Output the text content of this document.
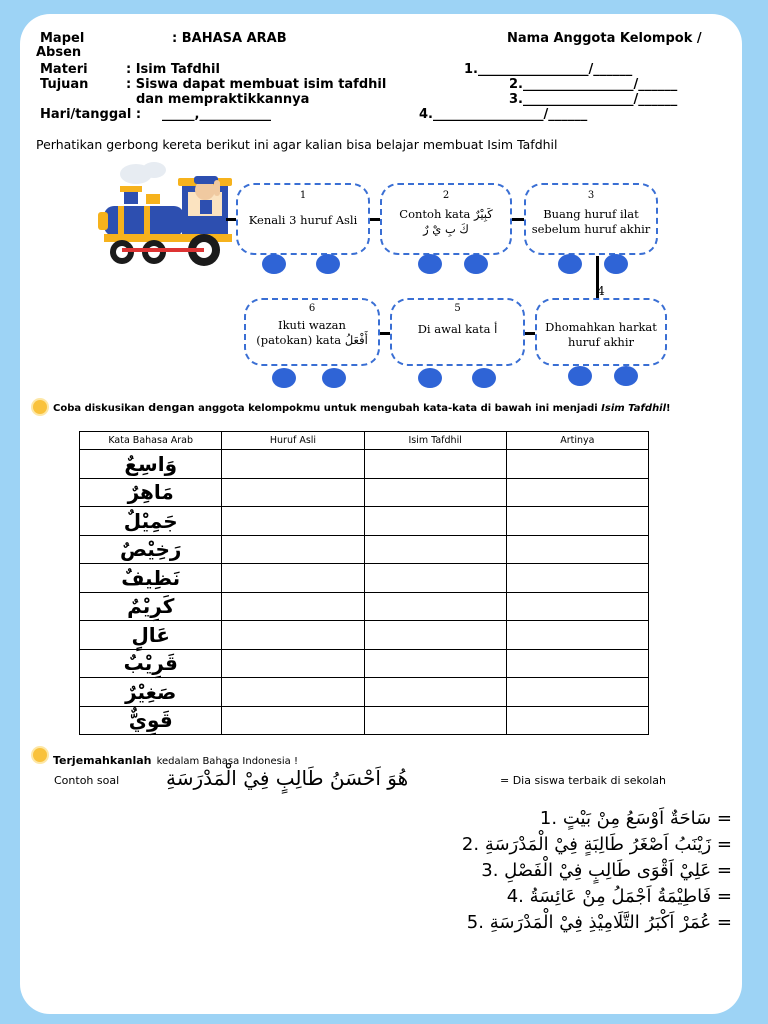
Mapel	: BAHASA ARAB	Nama Anggota Kelompok /
Absen
Materi	: Isim Tafdhil
Tujuan	: Siswa dapat membuat isim tafdhil
dan mempraktikkannya
Hari/tanggal : _____,___________
1._________________/______
2._________________/______
3._________________/______
4._________________/______
Perhatikan gerbong kereta berikut ini agar kalian bisa belajar membuat Isim Tafdhil
1
Kenali 3 huruf Asli
2
Contoh kata كَبِيْرٌ
كَ بِ يْ رٌ
3
Buang huruf ilat
sebelum huruf akhir
4
Dhomahkan harkat
huruf akhir
5
Di awal kata أ
6
Ikuti wazan
(patokan) kata أَفْعَلُ
Coba diskusikan dengan anggota kelompokmu untuk mengubah kata-kata di bawah ini menjadi Isim Tafdhil!
Kata Bahasa Arab	Huruf Asli	Isim Tafdhil	Artinya
وَاسِعٌ			
مَاهِرٌ			
جَمِيْلٌ			
رَخِيْصٌ			
نَظِيفٌ			
كَرِيْمٌ			
عَالٍ			
قَرِيْبٌ			
صَغِيْرٌ			
قَوِيٌّ			
Terjemahkanlah kedalam Bahasa Indonesia !
Contoh soal هُوَ اَحْسَنُ طَالِبٍ فِيْ الْمَدْرَسَةِ	= Dia siswa terbaik di sekolah
1. سَاحَةٌ اَوْسَعُ مِنْ بَيْتٍ =
2. زَيْنَبُ اَصْغَرُ طَالِبَةٍ فِيْ الْمَدْرَسَةِ =
3. عَلِيْ اَقْوَى طَالِبٍ فِيْ الْفَصْلِ =
4. فَاطِيْمَةُ اَجْمَلُ مِنْ عَائِسَةُ =
5. عُمَرْ اَكْبَرُ التَّلَامِيْذِ فِيْ الْمَدْرَسَةِ =
